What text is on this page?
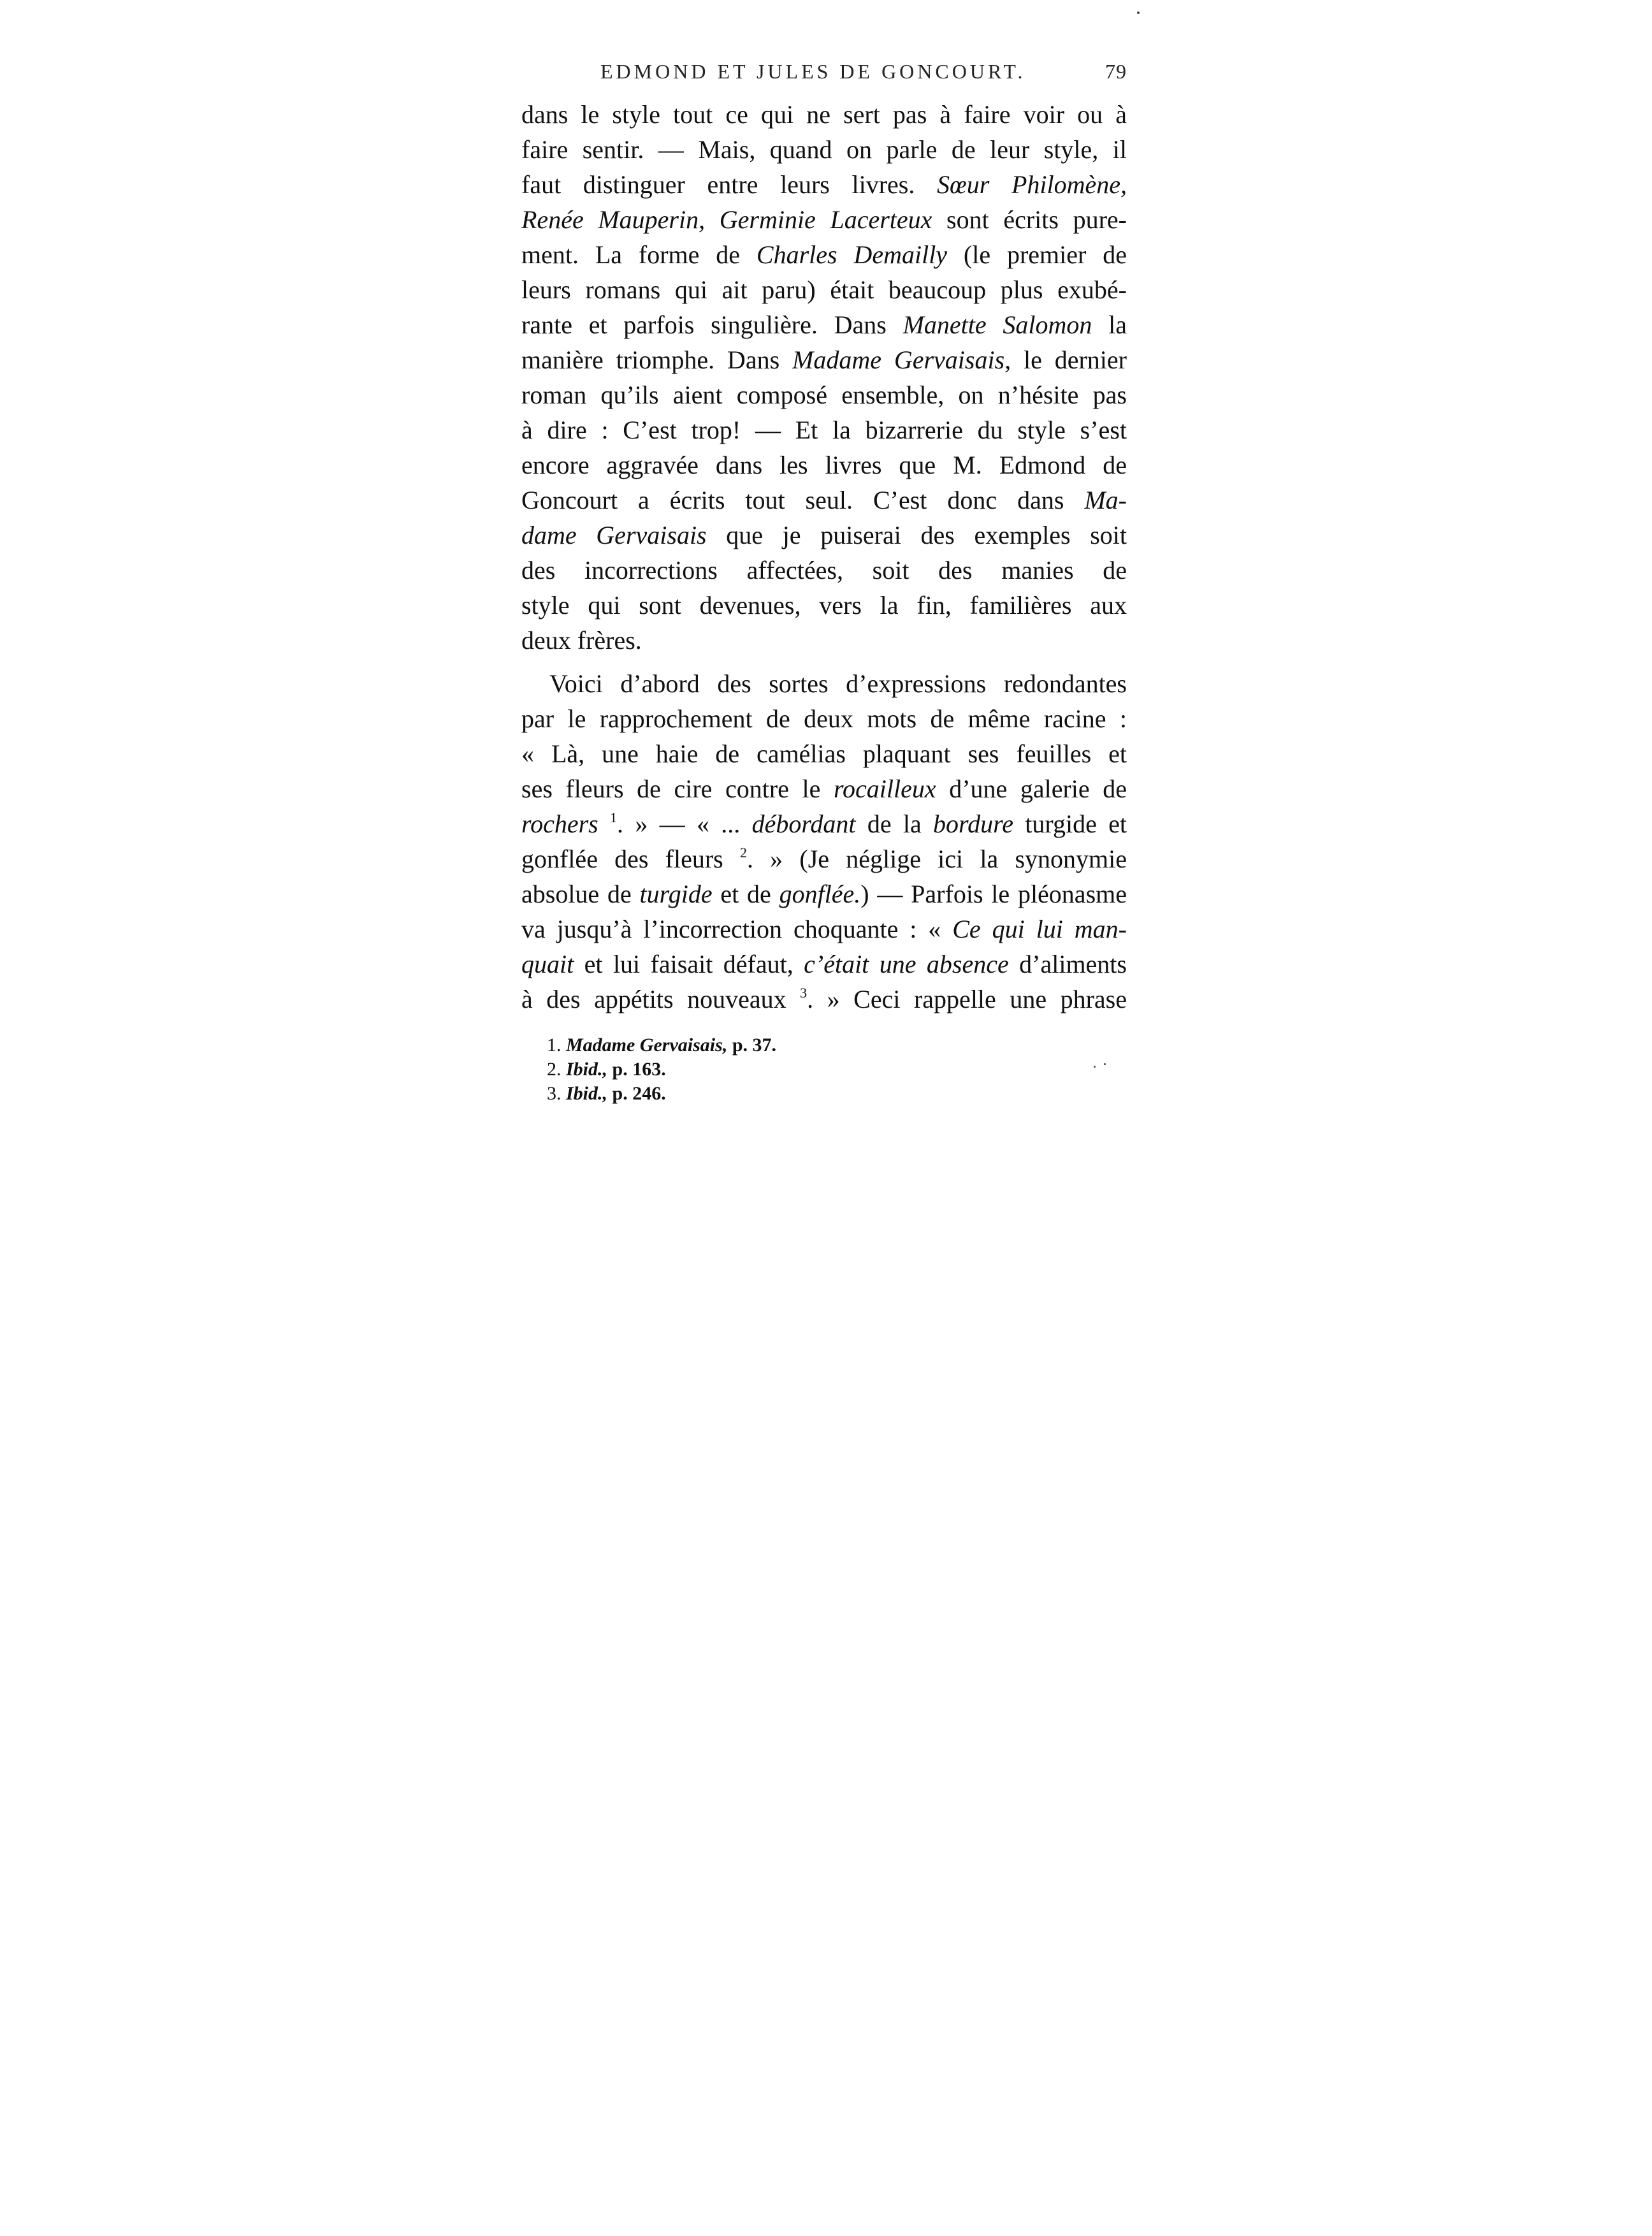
EDMOND ET JULES DE GONCOURT.	79
dans le style tout ce qui ne sert pas à faire voir ou à
faire sentir. — Mais, quand on parle de leur style, il
faut distinguer entre leurs livres. Sœur Philomène,
Renée Mauperin, Germinie Lacerteux sont écrits pure-
ment. La forme de Charles Demailly (le premier de
leurs romans qui ait paru) était beaucoup plus exubé-
rante et parfois singulière. Dans Manette Salomon la
manière triomphe. Dans Madame Gervaisais, le dernier
roman qu’ils aient composé ensemble, on n’hésite pas
à dire : C’est trop! — Et la bizarrerie du style s’est
encore aggravée dans les livres que M. Edmond de
Goncourt a écrits tout seul. C’est donc dans Ma-
dame Gervaisais que je puiserai des exemples soit
des incorrections affectées, soit des manies de
style qui sont devenues, vers la fin, familières aux
deux frères.
Voici d’abord des sortes d’expressions redondantes
par le rapprochement de deux mots de même racine :
« Là, une haie de camélias plaquant ses feuilles et
ses fleurs de cire contre le rocailleux d’une galerie de
rochers $^1$. » — « ... débordant de la bordure turgide et
gonflée des fleurs $^2$. » (Je néglige ici la synonymie
absolue de turgide et de gonflée.) — Parfois le pléonasme
va jusqu’à l’incorrection choquante : « Ce qui lui man-
quait et lui faisait défaut, c’était une absence d’aliments
à des appétits nouveaux $^3$. » Ceci rappelle une phrase
1. Madame Gervaisais, p. 37.
2. Ibid., p. 163.
3. Ibid., p. 246.
